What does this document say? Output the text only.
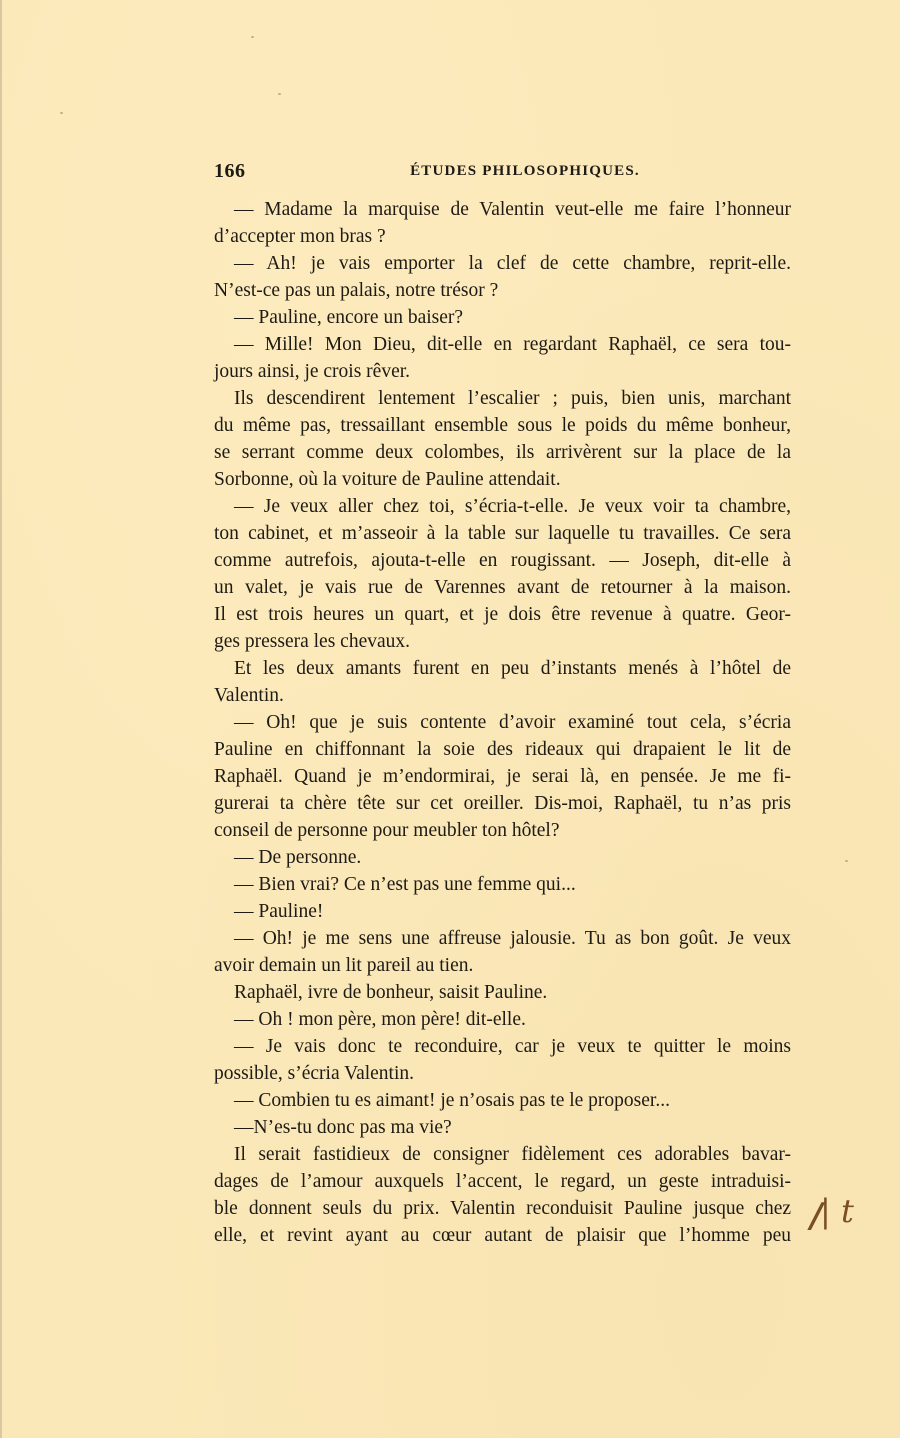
166	ÉTUDES PHILOSOPHIQUES.
— Madame la marquise de Valentin veut-elle me faire l’honneur
d’accepter mon bras ?
— Ah! je vais emporter la clef de cette chambre, reprit-elle.
N’est-ce pas un palais, notre trésor ?
— Pauline, encore un baiser?
— Mille! Mon Dieu, dit-elle en regardant Raphaël, ce sera tou-
jours ainsi, je crois rêver.
Ils descendirent lentement l’escalier ; puis, bien unis, marchant
du même pas, tressaillant ensemble sous le poids du même bonheur,
se serrant comme deux colombes, ils arrivèrent sur la place de la
Sorbonne, où la voiture de Pauline attendait.
— Je veux aller chez toi, s’écria-t-elle. Je veux voir ta chambre,
ton cabinet, et m’asseoir à la table sur laquelle tu travailles. Ce sera
comme autrefois, ajouta-t-elle en rougissant. — Joseph, dit-elle à
un valet, je vais rue de Varennes avant de retourner à la maison.
Il est trois heures un quart, et je dois être revenue à quatre. Geor-
ges pressera les chevaux.
Et les deux amants furent en peu d’instants menés à l’hôtel de
Valentin.
— Oh! que je suis contente d’avoir examiné tout cela, s’écria
Pauline en chiffonnant la soie des rideaux qui drapaient le lit de
Raphaël. Quand je m’endormirai, je serai là, en pensée. Je me fi-
gurerai ta chère tête sur cet oreiller. Dis-moi, Raphaël, tu n’as pris
conseil de personne pour meubler ton hôtel?
— De personne.
— Bien vrai? Ce n’est pas une femme qui...
— Pauline!
— Oh! je me sens une affreuse jalousie. Tu as bon goût. Je veux
avoir demain un lit pareil au tien.
Raphaël, ivre de bonheur, saisit Pauline.
— Oh ! mon père, mon père! dit-elle.
— Je vais donc te reconduire, car je veux te quitter le moins
possible, s’écria Valentin.
— Combien tu es aimant! je n’osais pas te le proposer...
—N’es-tu donc pas ma vie?
Il serait fastidieux de consigner fidèlement ces adorables bavar-
dages de l’amour auxquels l’accent, le regard, un geste intraduisi-
ble donnent seuls du prix. Valentin reconduisit Pauline jusque chez
elle, et revint ayant au cœur autant de plaisir que l’homme peu /
| t
